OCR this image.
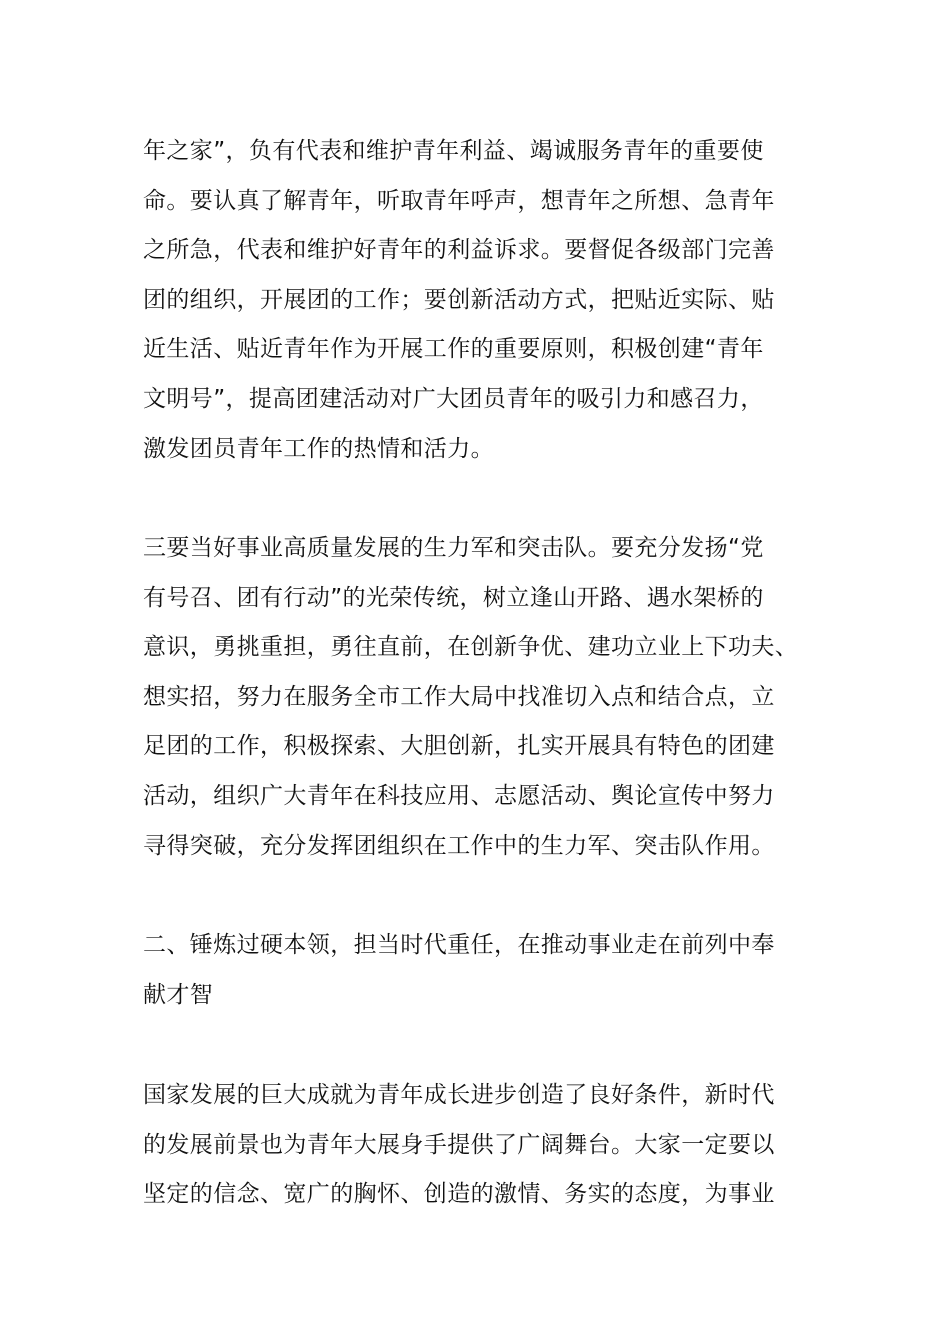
年之家”，负有代表和维护青年利益、竭诚服务青年的重要使
命。要认真了解青年，听取青年呼声，想青年之所想、急青年
之所急，代表和维护好青年的利益诉求。要督促各级部门完善
团的组织，开展团的工作；要创新活动方式，把贴近实际、贴
近生活、贴近青年作为开展工作的重要原则，积极创建“青年
文明号”，提高团建活动对广大团员青年的吸引力和感召力，
激发团员青年工作的热情和活力。

三要当好事业高质量发展的生力军和突击队。要充分发扬“党
有号召、团有行动”的光荣传统，树立逢山开路、遇水架桥的
意识，勇挑重担，勇往直前，在创新争优、建功立业上下功夫、
想实招，努力在服务全市工作大局中找准切入点和结合点，立
足团的工作，积极探索、大胆创新，扎实开展具有特色的团建
活动，组织广大青年在科技应用、志愿活动、舆论宣传中努力
寻得突破，充分发挥团组织在工作中的生力军、突击队作用。

二、锤炼过硬本领，担当时代重任，在推动事业走在前列中奉
献才智

国家发展的巨大成就为青年成长进步创造了良好条件，新时代
的发展前景也为青年大展身手提供了广阔舞台。大家一定要以
坚定的信念、宽广的胸怀、创造的激情、务实的态度，为事业
